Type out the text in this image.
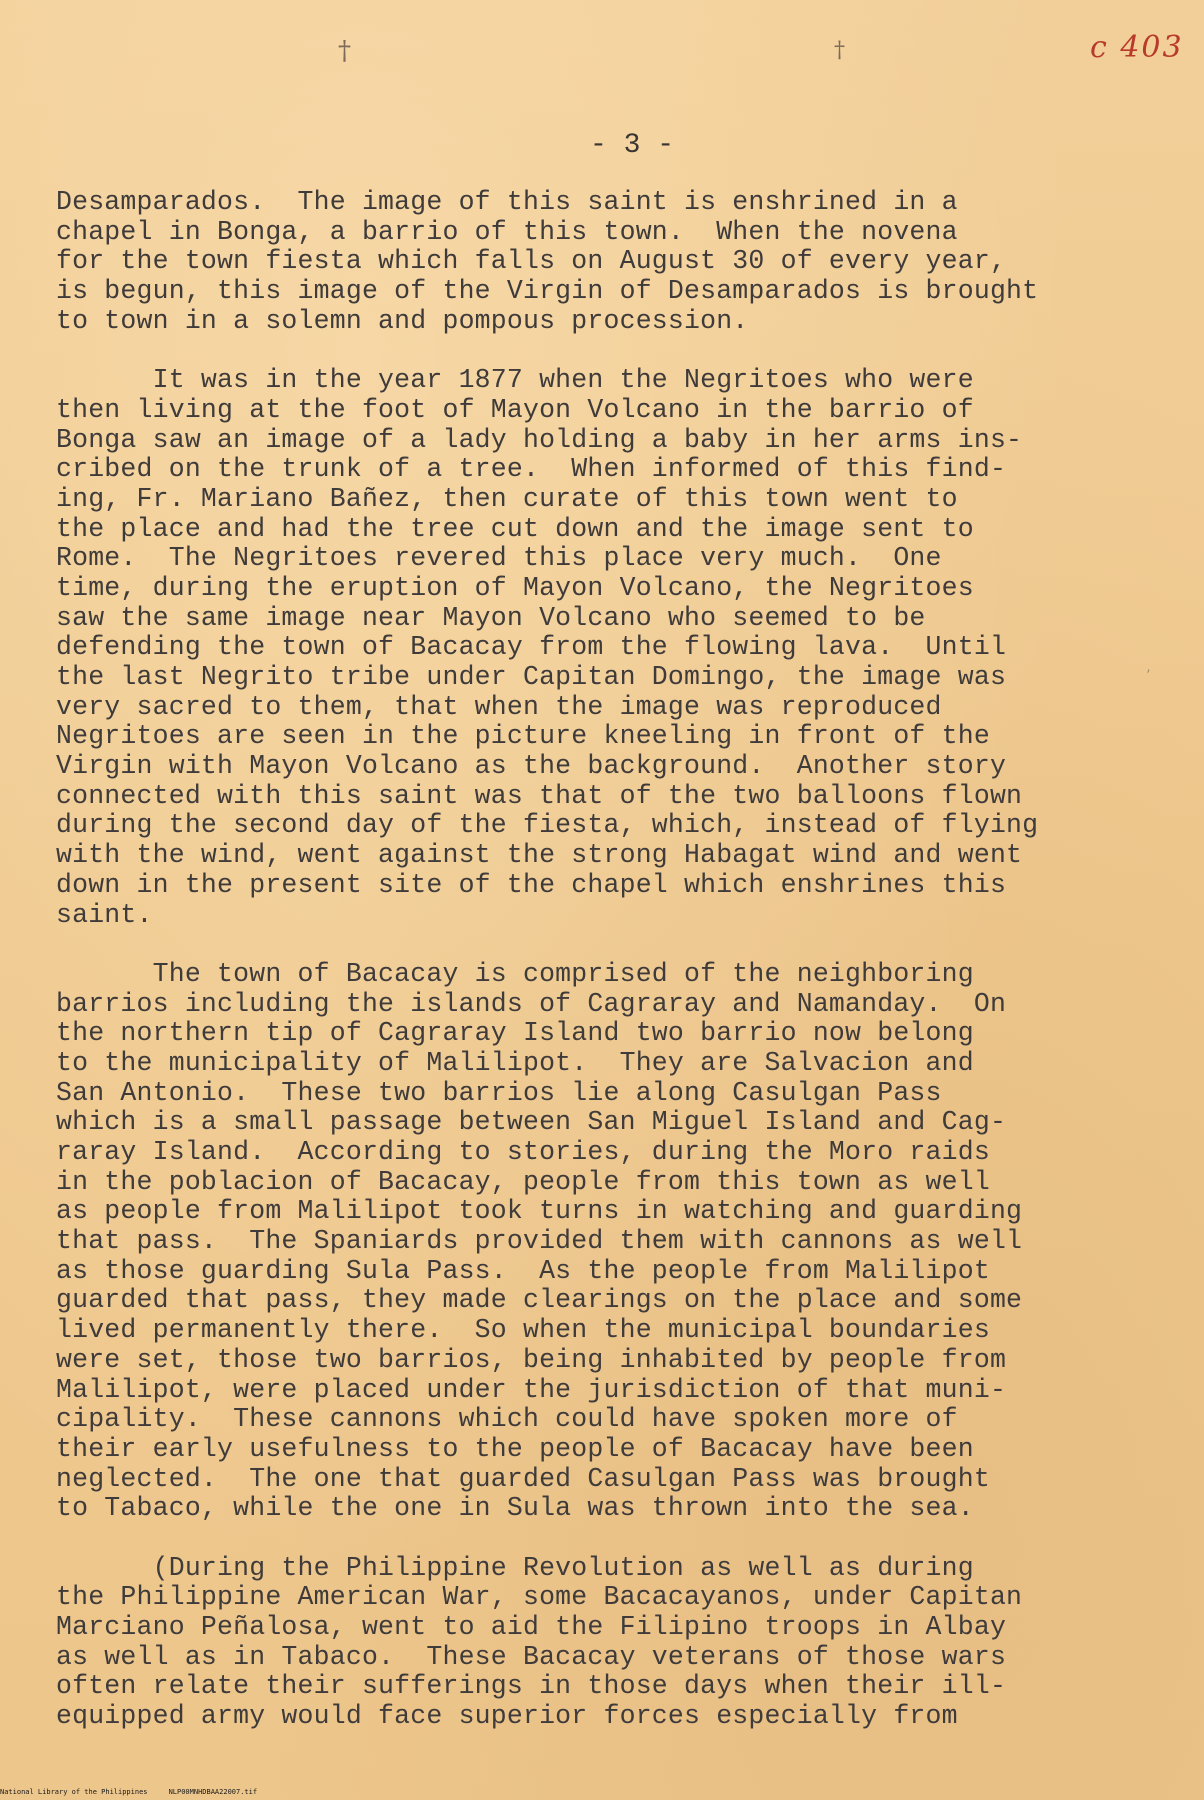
c 403
†	†
’
- 3 -
Desamparados.  The image of this saint is enshrined in a
chapel in Bonga, a barrio of this town.  When the novena
for the town fiesta which falls on August 30 of every year,
is begun, this image of the Virgin of Desamparados is brought
to town in a solemn and pompous procession.
It was in the year 1877 when the Negritoes who were
then living at the foot of Mayon Volcano in the barrio of
Bonga saw an image of a lady holding a baby in her arms ins-
cribed on the trunk of a tree.  When informed of this find-
ing, Fr. Mariano Bañez, then curate of this town went to
the place and had the tree cut down and the image sent to
Rome.  The Negritoes revered this place very much.  One
time, during the eruption of Mayon Volcano, the Negritoes
saw the same image near Mayon Volcano who seemed to be
defending the town of Bacacay from the flowing lava.  Until
the last Negrito tribe under Capitan Domingo, the image was
very sacred to them, that when the image was reproduced
Negritoes are seen in the picture kneeling in front of the
Virgin with Mayon Volcano as the background.  Another story
connected with this saint was that of the two balloons flown
during the second day of the fiesta, which, instead of flying
with the wind, went against the strong Habagat wind and went
down in the present site of the chapel which enshrines this
saint.
The town of Bacacay is comprised of the neighboring
barrios including the islands of Cagraray and Namanday.  On
the northern tip of Cagraray Island two barrio now belong
to the municipality of Malilipot.  They are Salvacion and
San Antonio.  These two barrios lie along Casulgan Pass
which is a small passage between San Miguel Island and Cag-
raray Island.  According to stories, during the Moro raids
in the poblacion of Bacacay, people from this town as well
as people from Malilipot took turns in watching and guarding
that pass.  The Spaniards provided them with cannons as well
as those guarding Sula Pass.  As the people from Malilipot
guarded that pass, they made clearings on the place and some
lived permanently there.  So when the municipal boundaries
were set, those two barrios, being inhabited by people from
Malilipot, were placed under the jurisdiction of that muni-
cipality.  These cannons which could have spoken more of
their early usefulness to the people of Bacacay have been
neglected.  The one that guarded Casulgan Pass was brought
to Tabaco, while the one in Sula was thrown into the sea.
(During the Philippine Revolution as well as during
the Philippine American War, some Bacacayanos, under Capitan
Marciano Peñalosa, went to aid the Filipino troops in Albay
as well as in Tabaco.  These Bacacay veterans of those wars
often relate their sufferings in those days when their ill-
equipped army would face superior forces especially from
National Library of the Philippines     NLP00MNHDBAA22007.tif
